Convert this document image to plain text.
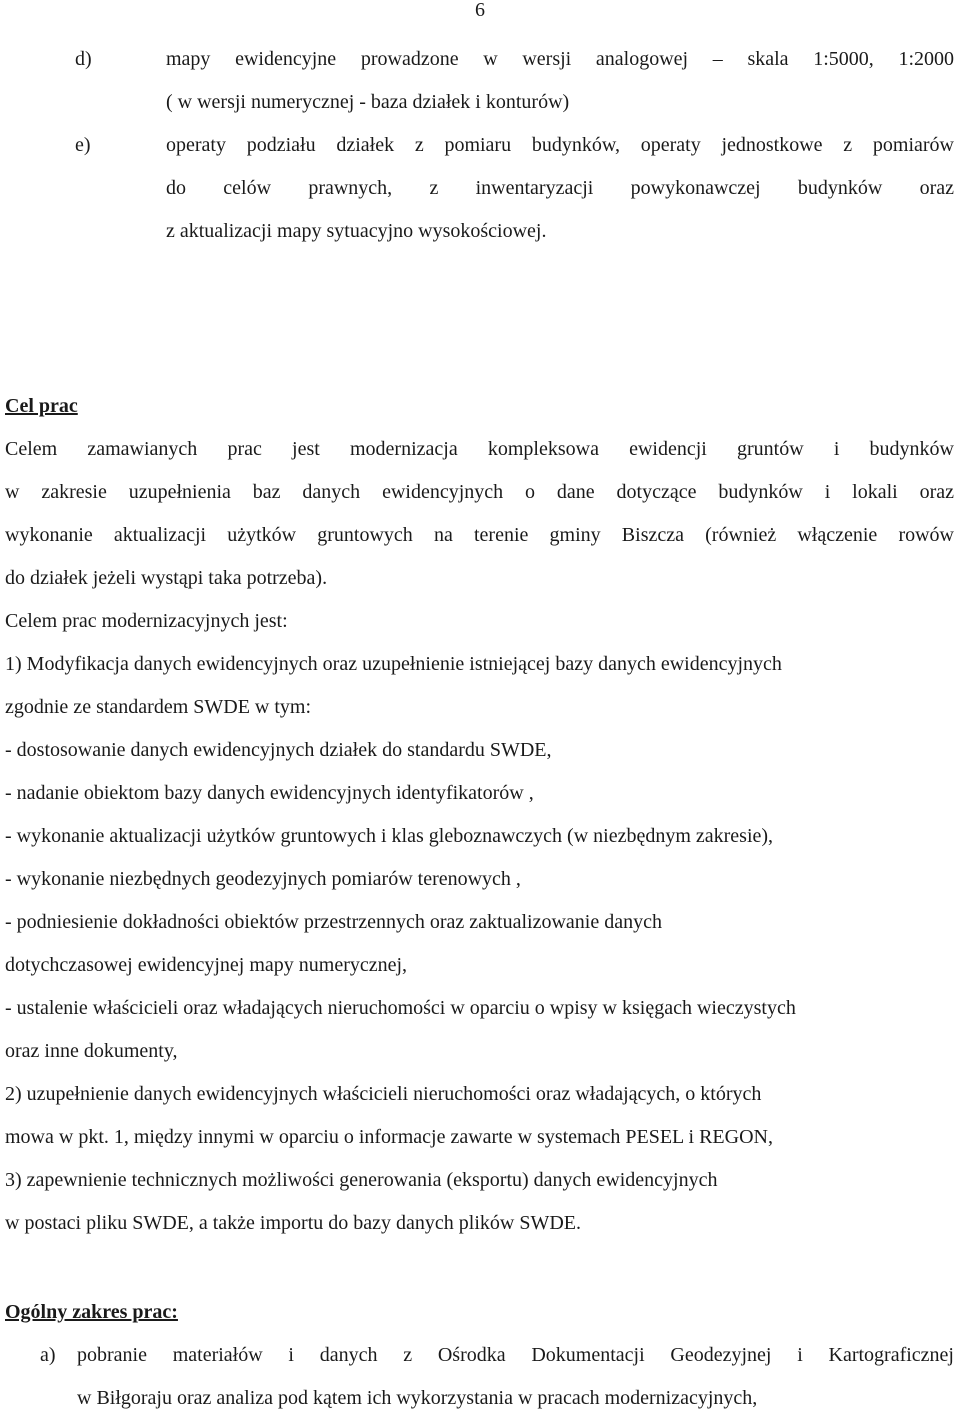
6
d)	mapy ewidencyjne prowadzone w wersji analogowej – skala 1:5000, 1:2000
( w wersji numerycznej - baza działek i konturów)
e)	operaty podziału działek z pomiaru budynków, operaty jednostkowe z pomiarów
do celów prawnych, z inwentaryzacji powykonawczej budynków oraz
z aktualizacji mapy sytuacyjno wysokościowej.
Cel prac
Celem zamawianych prac jest modernizacja kompleksowa ewidencji gruntów i budynków
w zakresie uzupełnienia baz danych ewidencyjnych o dane dotyczące budynków i lokali oraz
wykonanie aktualizacji użytków gruntowych na terenie gminy Biszcza (również włączenie rowów
do działek jeżeli wystąpi taka potrzeba).
Celem prac modernizacyjnych jest:
1) Modyfikacja danych ewidencyjnych oraz uzupełnienie istniejącej bazy danych ewidencyjnych
zgodnie ze standardem SWDE w tym:
- dostosowanie danych ewidencyjnych działek do standardu SWDE,
- nadanie obiektom bazy danych ewidencyjnych identyfikatorów ,
- wykonanie aktualizacji użytków gruntowych i klas gleboznawczych (w niezbędnym zakresie),
- wykonanie niezbędnych geodezyjnych pomiarów terenowych ,
- podniesienie dokładności obiektów przestrzennych oraz zaktualizowanie danych
dotychczasowej ewidencyjnej mapy numerycznej,
- ustalenie właścicieli oraz władających nieruchomości w oparciu o wpisy w księgach wieczystych
oraz inne dokumenty,
2) uzupełnienie danych ewidencyjnych właścicieli nieruchomości oraz władających, o których
mowa w pkt. 1, między innymi w oparciu o informacje zawarte w systemach PESEL i REGON,
3) zapewnienie technicznych możliwości generowania (eksportu) danych ewidencyjnych
w postaci pliku SWDE, a także importu do bazy danych plików SWDE.
Ogólny zakres prac:
a) pobranie materiałów i danych z Ośrodka Dokumentacji Geodezyjnej i Kartograficznej
w Biłgoraju oraz analiza pod kątem ich wykorzystania w pracach modernizacyjnych,
